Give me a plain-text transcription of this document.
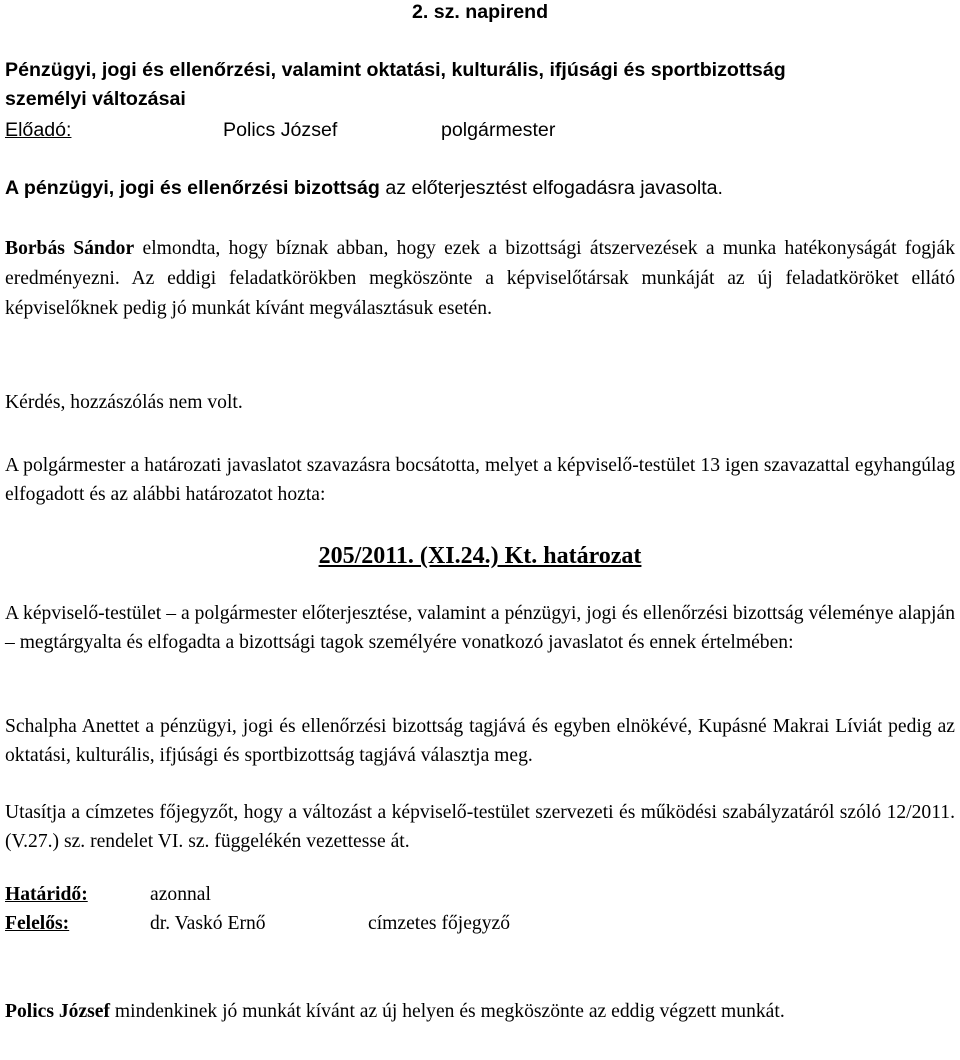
2. sz. napirend

Pénzügyi, jogi és ellenőrzési, valamint oktatási, kulturális, ifjúsági és sportbizottság
személyi változásai
Előadó:	Polics József	polgármester

A pénzügyi, jogi és ellenőrzési bizottság az előterjesztést elfogadásra javasolta.

Borbás Sándor elmondta, hogy bíznak abban, hogy ezek a bizottsági átszervezések a munka hatékonyságát fogják eredményezni. Az eddigi feladatkörökben megköszönte a képviselőtársak munkáját az új feladatköröket ellátó képviselőknek pedig jó munkát kívánt megválasztásuk esetén.

Kérdés, hozzászólás nem volt.

A polgármester a határozati javaslatot szavazásra bocsátotta, melyet a képviselő-testület 13 igen szavazattal egyhangúlag elfogadott és az alábbi határozatot hozta:

205/2011. (XI.24.) Kt. határozat

A képviselő-testület – a polgármester előterjesztése, valamint a pénzügyi, jogi és ellenőrzési bizottság véleménye alapján – megtárgyalta és elfogadta a bizottsági tagok személyére vonatkozó javaslatot és ennek értelmében:

Schalpha Anettet a pénzügyi, jogi és ellenőrzési bizottság tagjává és egyben elnökévé, Kupásné Makrai Líviát pedig az oktatási, kulturális, ifjúsági és sportbizottság tagjává választja meg.

Utasítja a címzetes főjegyzőt, hogy a változást a képviselő-testület szervezeti és működési szabályzatáról szóló 12/2011. (V.27.) sz. rendelet VI. sz. függelékén vezettesse át.

Határidő:	azonnal
Felelős:	dr. Vaskó Ernő	címzetes főjegyző

Polics József mindenkinek jó munkát kívánt az új helyen és megköszönte az eddig végzett munkát.
